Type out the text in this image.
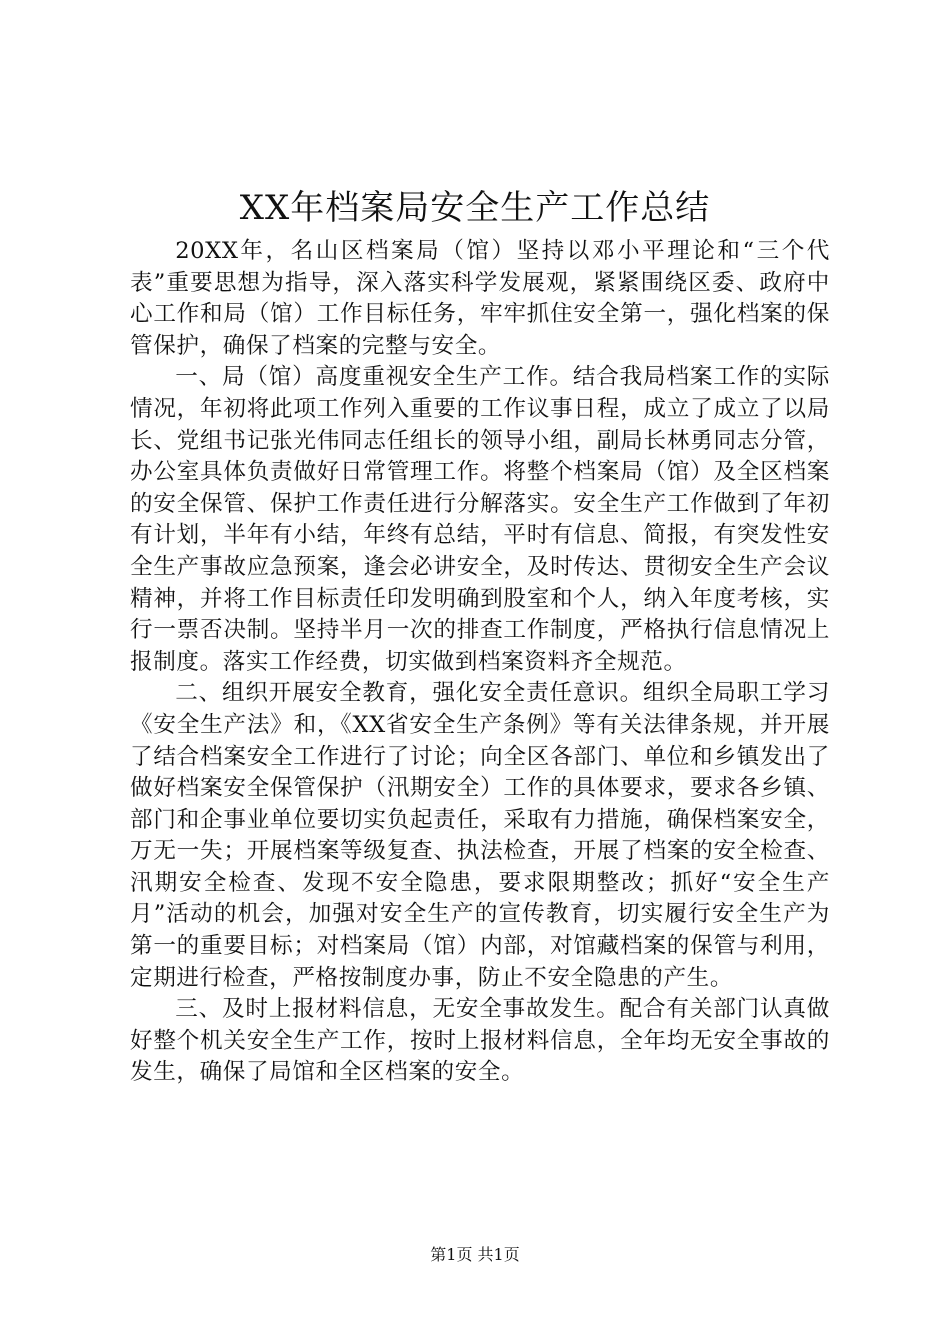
XX年档案局安全生产工作总结

20XX年，名山区档案局（馆）坚持以邓小平理论和“三个代表”重要思想为指导，深入落实科学发展观，紧紧围绕区委、政府中心工作和局（馆）工作目标任务，牢牢抓住安全第一，强化档案的保管保护，确保了档案的完整与安全。

一、局（馆）高度重视安全生产工作。结合我局档案工作的实际情况，年初将此项工作列入重要的工作议事日程，成立了成立了以局长、党组书记张光伟同志任组长的领导小组，副局长林勇同志分管，办公室具体负责做好日常管理工作。将整个档案局（馆）及全区档案的安全保管、保护工作责任进行分解落实。安全生产工作做到了年初有计划，半年有小结，年终有总结，平时有信息、简报，有突发性安全生产事故应急预案，逢会必讲安全，及时传达、贯彻安全生产会议精神，并将工作目标责任印发明确到股室和个人，纳入年度考核，实行一票否决制。坚持半月一次的排查工作制度，严格执行信息情况上报制度。落实工作经费，切实做到档案资料齐全规范。

二、组织开展安全教育，强化安全责任意识。组织全局职工学习《安全生产法》和，《XX省安全生产条例》等有关法律条规，并开展了结合档案安全工作进行了讨论；向全区各部门、单位和乡镇发出了做好档案安全保管保护（汛期安全）工作的具体要求，要求各乡镇、部门和企事业单位要切实负起责任，采取有力措施，确保档案安全，万无一失；开展档案等级复查、执法检查，开展了档案的安全检查、汛期安全检查、发现不安全隐患，要求限期整改；抓好“安全生产月”活动的机会，加强对安全生产的宣传教育，切实履行安全生产为第一的重要目标；对档案局（馆）内部，对馆藏档案的保管与利用，定期进行检查，严格按制度办事，防止不安全隐患的产生。

三、及时上报材料信息，无安全事故发生。配合有关部门认真做好整个机关安全生产工作，按时上报材料信息，全年均无安全事故的发生，确保了局馆和全区档案的安全。

第1页 共1页
